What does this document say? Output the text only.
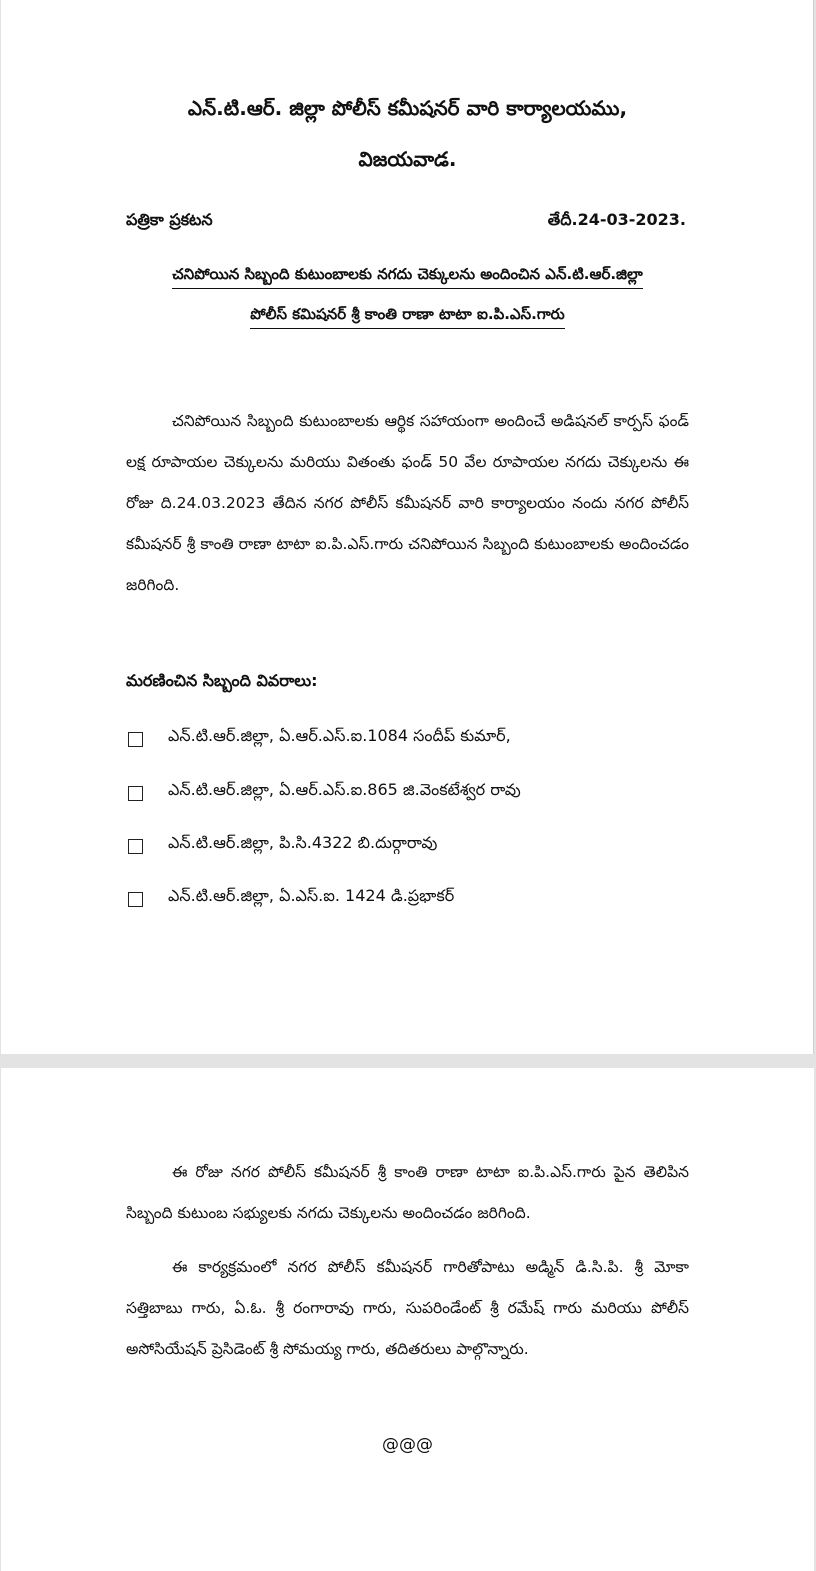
ఎన్.టి.ఆర్. జిల్లా పోలీస్ కమీషనర్ వారి కార్యాలయము,

విజయవాడ.

పత్రికా ప్రకటన	తేదీ.24-03-2023.

చనిపోయిన సిబ్బంది కుటుంబాలకు నగదు చెక్కులను అందించిన ఎన్.టి.ఆర్.జిల్లా

పోలీస్ కమిషనర్ శ్రీ కాంతి రాణా టాటా ఐ.పి.ఎస్.గారు

చనిపోయిన సిబ్బంది కుటుంబాలకు ఆర్థిక సహాయంగా అందించే అడిషనల్ కార్పస్ ఫండ్ లక్ష రూపాయల చెక్కులను మరియు వితంతు ఫండ్ 50 వేల రూపాయల నగదు చెక్కులను ఈ రోజు ది.24.03.2023 తేదిన నగర పోలీస్ కమీషనర్ వారి కార్యాలయం నందు నగర పోలీస్ కమీషనర్ శ్రీ కాంతి రాణా టాటా ఐ.పి.ఎస్.గారు చనిపోయిన సిబ్బంది కుటుంబాలకు అందించడం జరిగింది.

మరణించిన సిబ్బంది వివరాలు:

ఎన్.టి.ఆర్.జిల్లా, ఏ.ఆర్.ఎస్.ఐ.1084 సందీప్ కుమార్,
ఎన్.టి.ఆర్.జిల్లా, ఏ.ఆర్.ఎస్.ఐ.865 జి.వెంకటేశ్వర రావు
ఎన్.టి.ఆర్.జిల్లా, పి.సి.4322 బి.దుర్గారావు
ఎన్.టి.ఆర్.జిల్లా, ఏ.ఎస్.ఐ. 1424 డి.ప్రభాకర్

ఈ రోజు నగర పోలీస్ కమీషనర్ శ్రీ కాంతి రాణా టాటా ఐ.పి.ఎస్.గారు పైన తెలిపిన సిబ్బంది కుటుంబ సభ్యులకు నగదు చెక్కులను అందించడం జరిగింది.

ఈ కార్యక్రమంలో నగర పోలీస్ కమీషనర్ గారితోపాటు అడ్మిన్ డి.సి.పి. శ్రీ మోకా సత్తిబాబు గారు, ఏ.ఓ. శ్రీ రంగారావు గారు, సుపరిండేంట్ శ్రీ రమేష్ గారు మరియు పోలీస్ అసోసియేషన్ ప్రెసిడెంట్ శ్రీ సోమయ్య గారు, తదితరులు పాల్గొన్నారు.

@@@
